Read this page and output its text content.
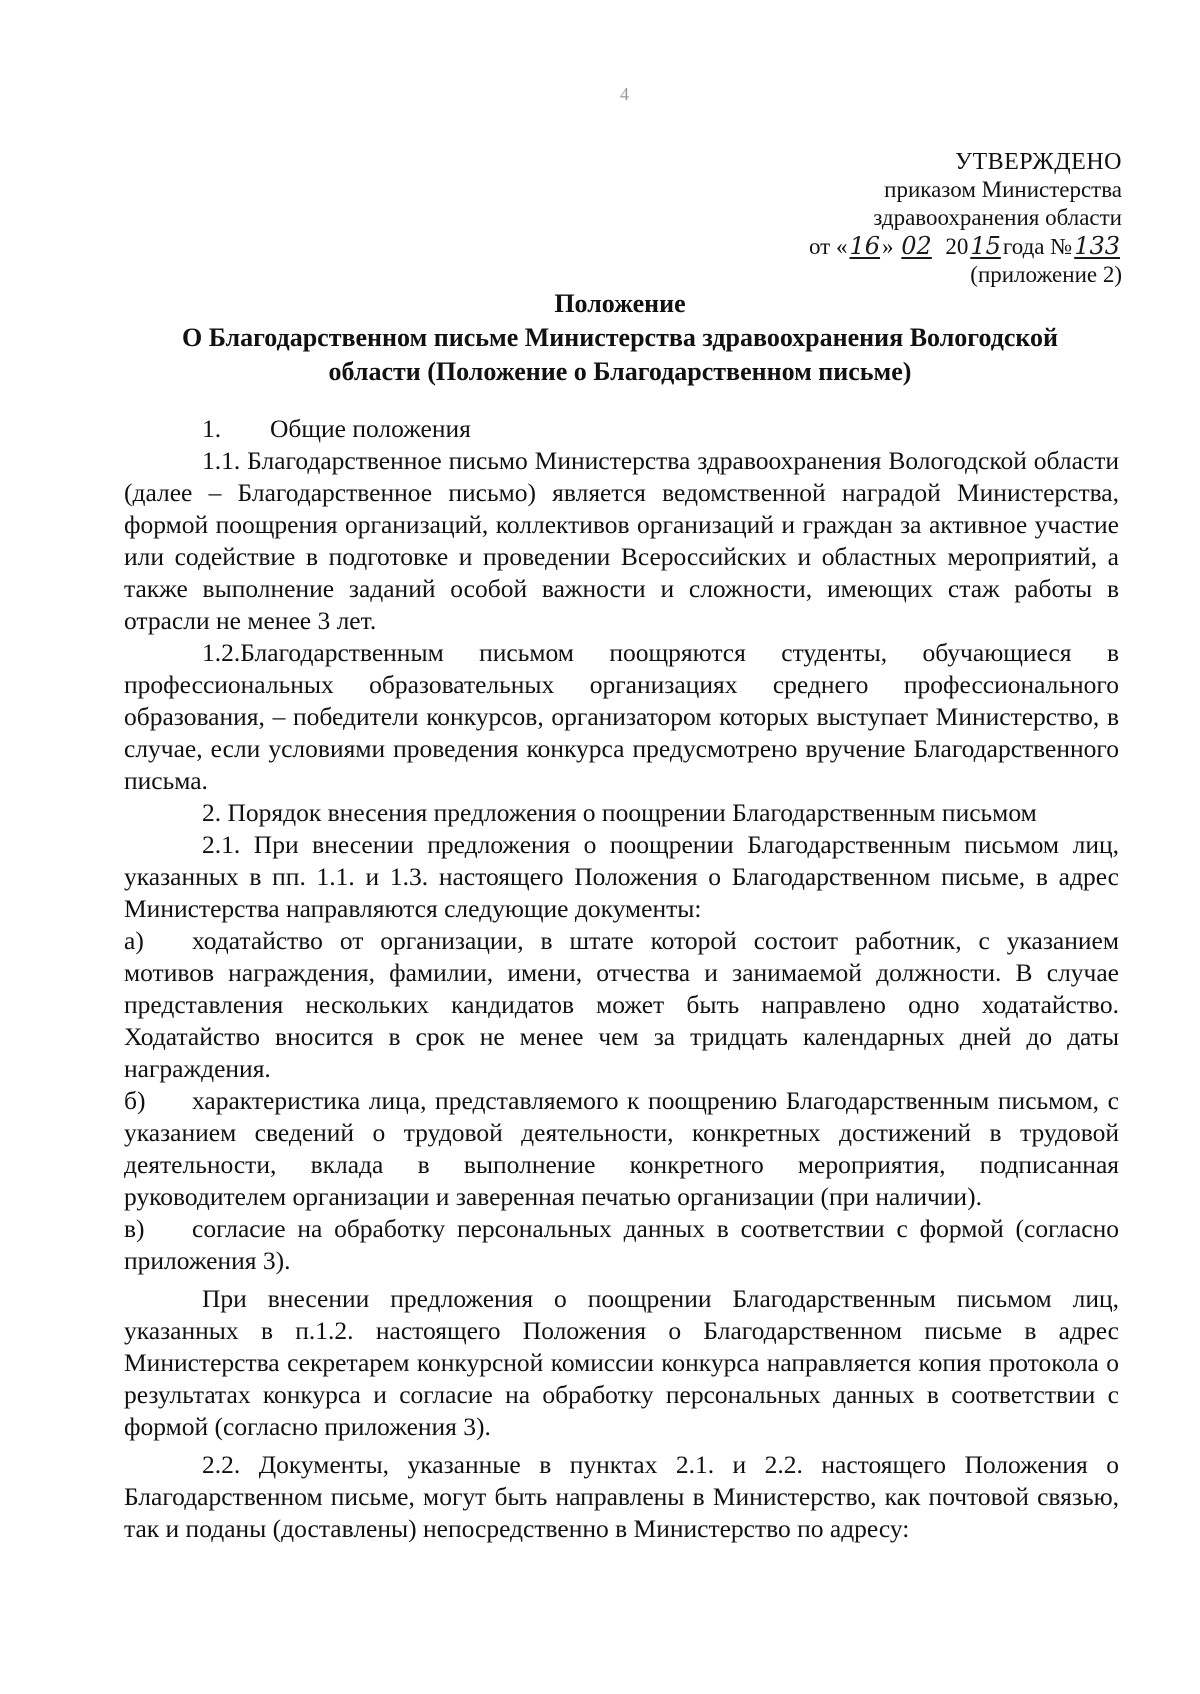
4
УТВЕРЖДЕНО
приказом Министерства
здравоохранения области
от «16» 02 2015года №133
(приложение 2)
Положение
О Благодарственном письме Министерства здравоохранения Вологодской
области (Положение о Благодарственном письме)

1. Общие положения

1.1. Благодарственное письмо Министерства здравоохранения Вологодской области (далее – Благодарственное письмо) является ведомственной наградой Министерства, формой поощрения организаций, коллективов организаций и граждан за активное участие или содействие в подготовке и проведении Всероссийских и областных мероприятий, а также выполнение заданий особой важности и сложности, имеющих стаж работы в отрасли не менее 3 лет.

1.2.Благодарственным письмом поощряются студенты, обучающиеся в профессиональных образовательных организациях среднего профессионального образования, – победители конкурсов, организатором которых выступает Министерство, в случае, если условиями проведения конкурса предусмотрено вручение Благодарственного письма.

2. Порядок внесения предложения о поощрении Благодарственным письмом

2.1. При внесении предложения о поощрении Благодарственным письмом лиц, указанных в пп. 1.1. и 1.3. настоящего Положения о Благодарственном письме, в адрес Министерства направляются следующие документы:

а) ходатайство от организации, в штате которой состоит работник, с указанием мотивов награждения, фамилии, имени, отчества и занимаемой должности. В случае представления нескольких кандидатов может быть направлено одно ходатайство. Ходатайство вносится в срок не менее чем за тридцать календарных дней до даты награждения.

б) характеристика лица, представляемого к поощрению Благодарственным письмом, с указанием сведений о трудовой деятельности, конкретных достижений в трудовой деятельности, вклада в выполнение конкретного мероприятия, подписанная руководителем организации и заверенная печатью организации (при наличии).

в) согласие на обработку персональных данных в соответствии с формой (согласно приложения 3).

При внесении предложения о поощрении Благодарственным письмом лиц, указанных в п.1.2. настоящего Положения о Благодарственном письме в адрес Министерства секретарем конкурсной комиссии конкурса направляется копия протокола о результатах конкурса и согласие на обработку персональных данных в соответствии с формой (согласно приложения 3).

2.2. Документы, указанные в пунктах 2.1. и 2.2. настоящего Положения о Благодарственном письме, могут быть направлены в Министерство, как почтовой связью, так и поданы (доставлены) непосредственно в Министерство по адресу:
